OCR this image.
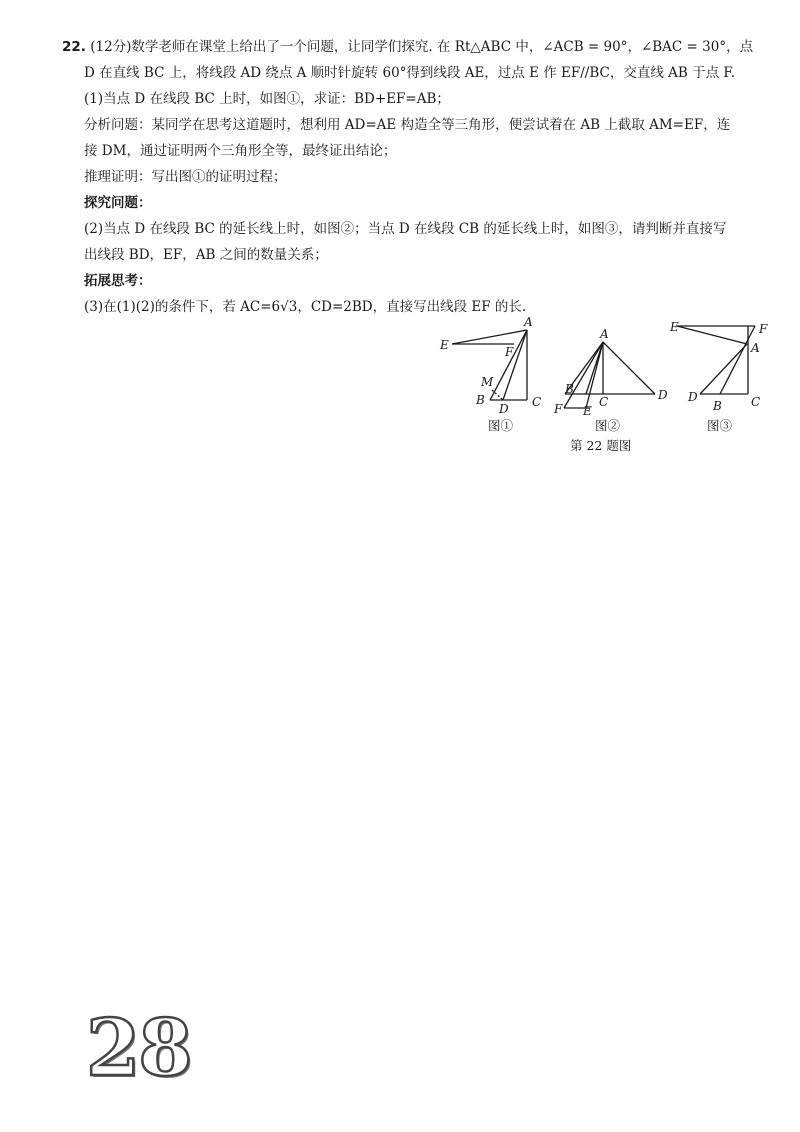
22. (12分)数学老师在课堂上给出了一个问题，让同学们探究. 在 Rt△ABC 中，∠ACB = 90°，∠BAC = 30°，点
D 在直线 BC 上，将线段 AD 绕点 A 顺时针旋转 60°得到线段 AE，过点 E 作 EF//BC，交直线 AB 于点 F.
(1)当点 D 在线段 BC 上时，如图①，求证：BD+EF=AB；
分析问题：某同学在思考这道题时，想利用 AD=AE 构造全等三角形，便尝试着在 AB 上截取 AM=EF，连
接 DM，通过证明两个三角形全等，最终证出结论；
推理证明：写出图①的证明过程；
探究问题：
(2)当点 D 在线段 BC 的延长线上时，如图②；当点 D 在线段 CB 的延长线上时，如图③，请判断并直接写
出线段 BD，EF，AB 之间的数量关系；
拓展思考：
(3)在(1)(2)的条件下，若 AC=6√3，CD=2BD，直接写出线段 EF 的长.
A
E	F
M
B
D C
图①
A
B
C	D
F E
图②
E	F
A
D
B C
图③
第 22 题图
28
